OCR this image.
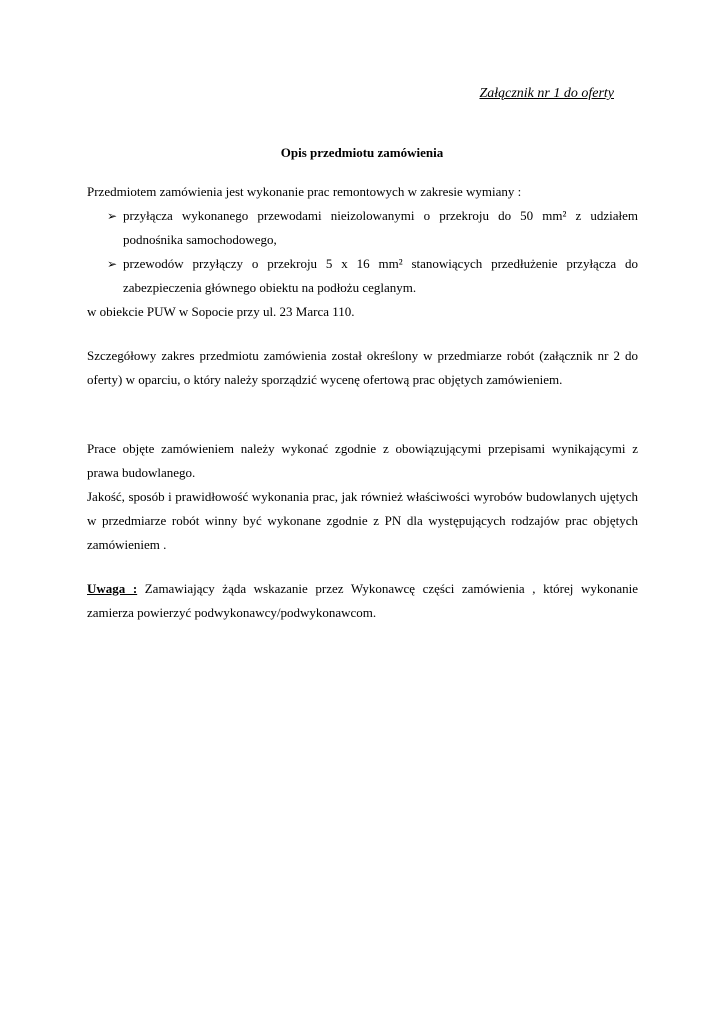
Załącznik nr 1 do oferty
Opis przedmiotu zamówienia

Przedmiotem zamówienia jest wykonanie prac remontowych w zakresie wymiany :

➢ przyłącza wykonanego przewodami nieizolowanymi o przekroju do 50 mm² z udziałem podnośnika samochodowego,
➢ przewodów przyłączy o przekroju 5 x 16 mm² stanowiących przedłużenie przyłącza do zabezpieczenia głównego obiektu na podłożu ceglanym.

w obiekcie PUW w Sopocie przy ul. 23 Marca 110.

Szczegółowy zakres przedmiotu zamówienia został określony w przedmiarze robót (załącznik nr 2 do oferty) w oparciu, o który należy sporządzić wycenę ofertową prac objętych zamówieniem.

Prace objęte zamówieniem należy wykonać zgodnie z obowiązującymi przepisami wynikającymi z prawa budowlanego.

Jakość, sposób i prawidłowość wykonania prac, jak również właściwości wyrobów budowlanych ujętych w przedmiarze robót winny być wykonane zgodnie z PN dla występujących rodzajów prac objętych zamówieniem .

Uwaga : Zamawiający żąda wskazanie przez Wykonawcę części zamówienia , której wykonanie zamierza powierzyć podwykonawcy/podwykonawcom.
